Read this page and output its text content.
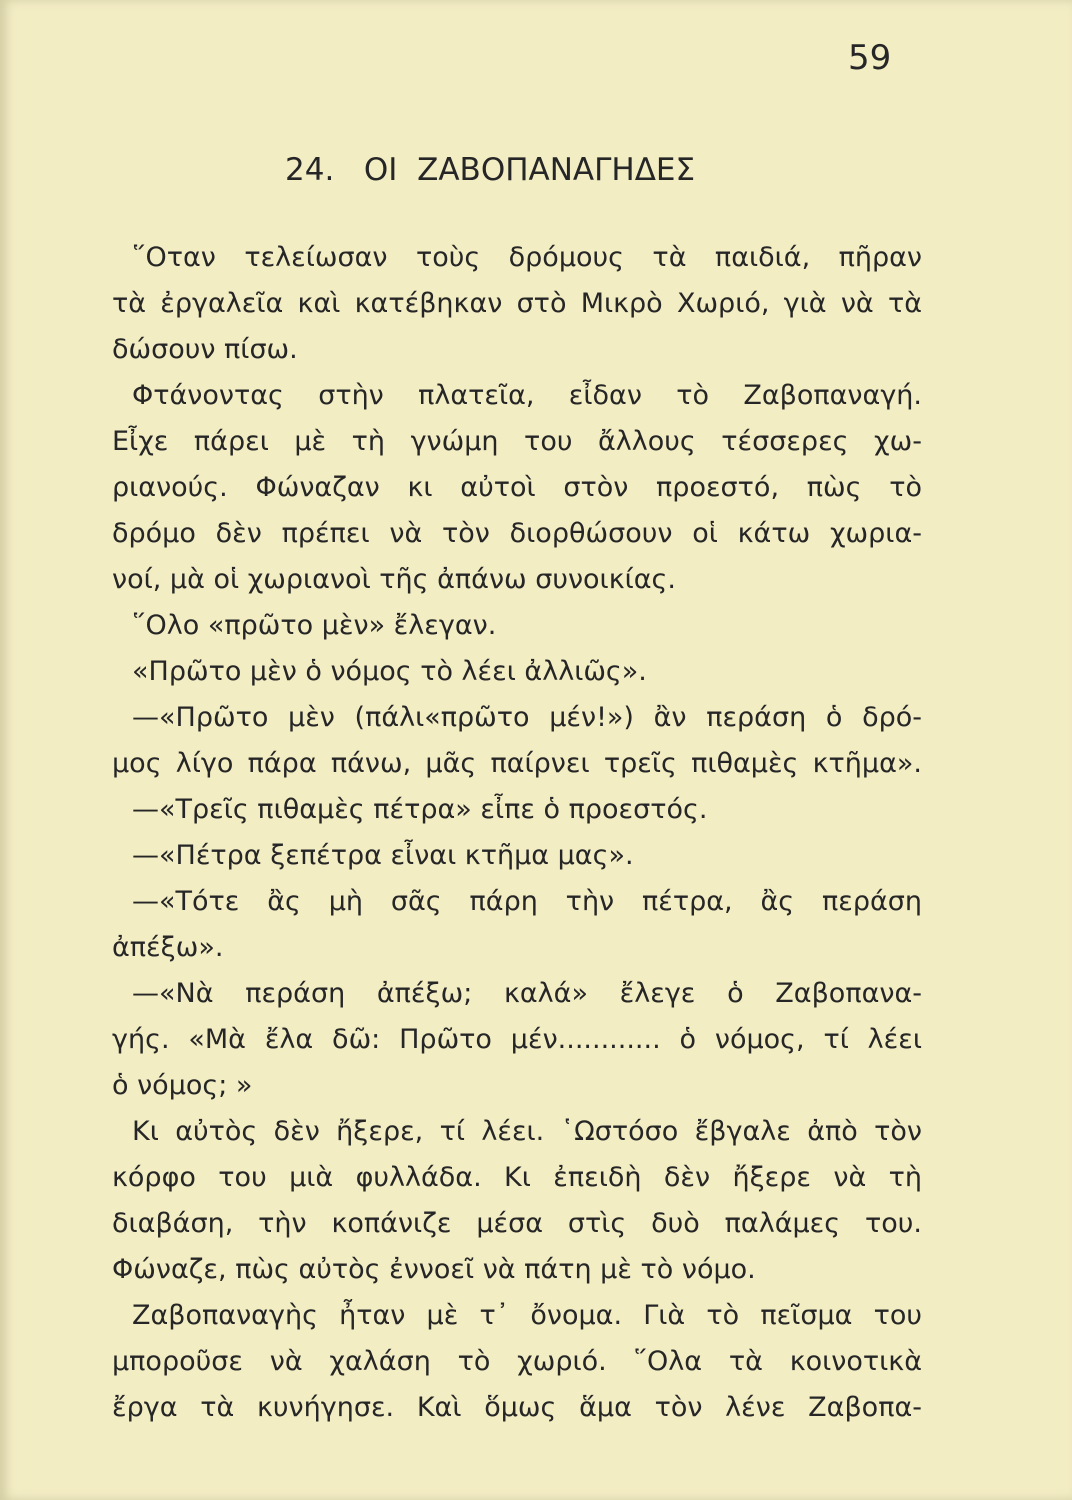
59
24.   ΟΙ  ΖΑΒΟΠΑΝΑΓΗΔΕΣ
῞Οταν τελείωσαν τοὺς δρόμους τὰ παιδιά, πῆραν
τὰ ἐργαλεῖα καὶ κατέβηκαν στὸ Μικρὸ Χωριό, γιὰ νὰ τὰ
δώσουν πίσω.
Φτάνοντας στὴν πλατεῖα, εἶδαν τὸ Ζαβοπαναγή.
Εἶχε πάρει μὲ τὴ γνώμη του ἄλλους τέσσερες χω-
ριανούς. Φώναζαν κι αὐτοὶ στὸν προεστό, πὼς τὸ
δρόμο δὲν πρέπει νὰ τὸν διορθώσουν οἱ κάτω χωρια-
νοί, μὰ οἱ χωριανοὶ τῆς ἀπάνω συνοικίας.
῞Ολο «πρῶτο μὲν» ἔλεγαν.
«Πρῶτο μὲν ὁ νόμος τὸ λέει ἀλλιῶς».
—«Πρῶτο μὲν (πάλι«πρῶτο μέν!») ἂν περάση ὁ δρό-
μος λίγο πάρα πάνω, μᾶς παίρνει τρεῖς πιθαμὲς κτῆμα».
—«Τρεῖς πιθαμὲς πέτρα» εἶπε ὁ προεστός.
—«Πέτρα ξεπέτρα εἶναι κτῆμα μας».
—«Τότε ἂς μὴ σᾶς πάρη τὴν πέτρα, ἂς περάση
ἀπέξω».
—«Νὰ περάση ἀπέξω; καλά» ἔλεγε ὁ Ζαβοπανα-
γής. «Μὰ ἔλα δῶ: Πρῶτο μέν............ ὁ νόμος, τί λέει
ὁ νόμος; »
Κι αὐτὸς δὲν ἤξερε, τί λέει. ῾Ωστόσο ἔβγαλε ἀπὸ τὸν
κόρφο του μιὰ φυλλάδα. Κι ἐπειδὴ δὲν ἤξερε νὰ τὴ
διαβάση, τὴν κοπάνιζε μέσα στὶς δυὸ παλάμες του.
Φώναζε, πὼς αὐτὸς ἐννοεῖ νὰ πάτη μὲ τὸ νόμο.
Ζαβοπαναγὴς ἦταν μὲ τ᾿ ὄνομα. Γιὰ τὸ πεῖσμα του
μποροῦσε νὰ χαλάση τὸ χωριό. ῞Ολα τὰ κοινοτικὰ
ἔργα τὰ κυνήγησε. Καὶ ὅμως ἅμα τὸν λένε Ζαβοπα-
